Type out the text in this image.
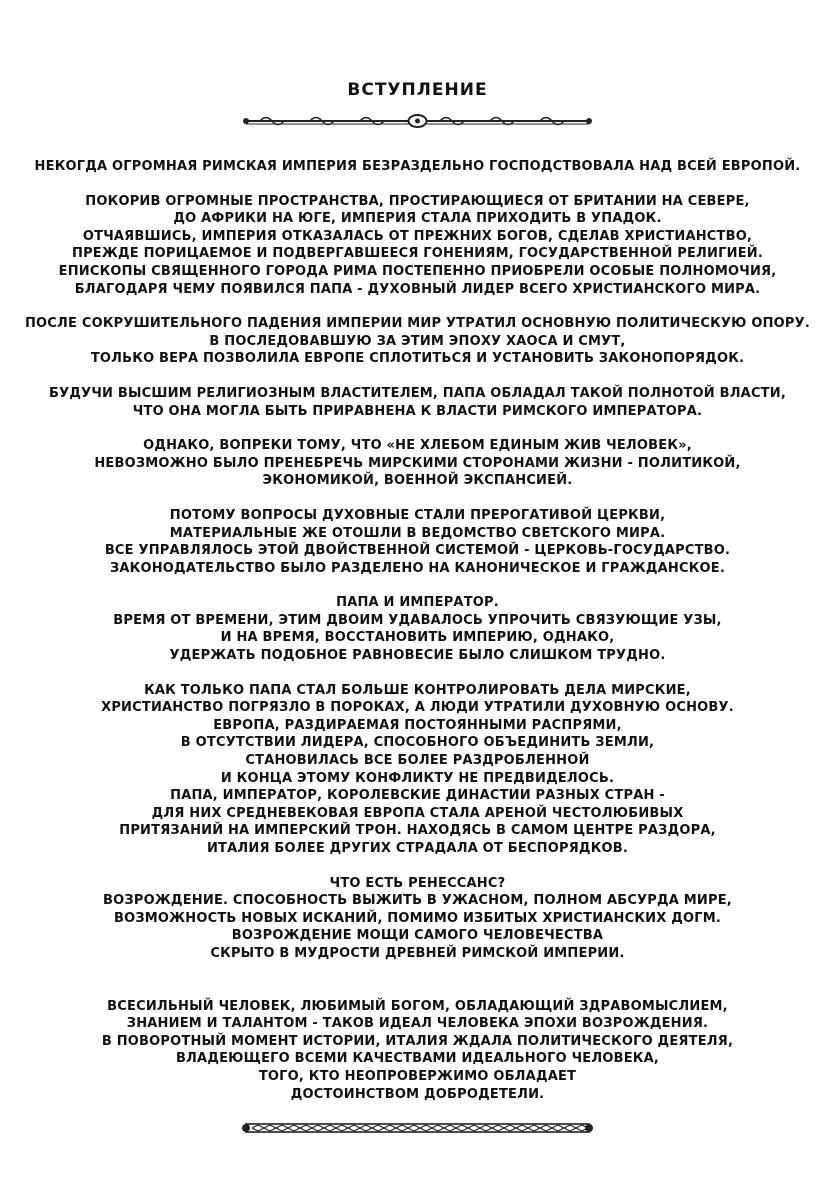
ВСТУПЛЕНИЕ
НЕКОГДА ОГРОМНАЯ РИМСКАЯ ИМПЕРИЯ БЕЗРАЗДЕЛЬНО ГОСПОДСТВОВАЛА НАД ВСЕЙ ЕВРОПОЙ.
ПОКОРИВ ОГРОМНЫЕ ПРОСТРАНСТВА, ПРОСТИРАЮЩИЕСЯ ОТ БРИТАНИИ НА СЕВЕРЕ,
ДО АФРИКИ НА ЮГЕ, ИМПЕРИЯ СТАЛА ПРИХОДИТЬ В УПАДОК.
ОТЧАЯВШИСЬ, ИМПЕРИЯ ОТКАЗАЛАСЬ ОТ ПРЕЖНИХ БОГОВ, СДЕЛАВ ХРИСТИАНСТВО,
ПРЕЖДЕ ПОРИЦАЕМОЕ И ПОДВЕРГАВШЕЕСЯ ГОНЕНИЯМ, ГОСУДАРСТВЕННОЙ РЕЛИГИЕЙ.
ЕПИСКОПЫ СВЯЩЕННОГО ГОРОДА РИМА ПОСТЕПЕННО ПРИОБРЕЛИ ОСОБЫЕ ПОЛНОМОЧИЯ,
БЛАГОДАРЯ ЧЕМУ ПОЯВИЛСЯ ПАПА - ДУХОВНЫЙ ЛИДЕР ВСЕГО ХРИСТИАНСКОГО МИРА.
ПОСЛЕ СОКРУШИТЕЛЬНОГО ПАДЕНИЯ ИМПЕРИИ МИР УТРАТИЛ ОСНОВНУЮ ПОЛИТИЧЕСКУЮ ОПОРУ.
В ПОСЛЕДОВАВШУЮ ЗА ЭТИМ ЭПОХУ ХАОСА И СМУТ,
ТОЛЬКО ВЕРА ПОЗВОЛИЛА ЕВРОПЕ СПЛОТИТЬСЯ И УСТАНОВИТЬ ЗАКОНОПОРЯДОК.
БУДУЧИ ВЫСШИМ РЕЛИГИОЗНЫМ ВЛАСТИТЕЛЕМ, ПАПА ОБЛАДАЛ ТАКОЙ ПОЛНОТОЙ ВЛАСТИ,
ЧТО ОНА МОГЛА БЫТЬ ПРИРАВНЕНА К ВЛАСТИ РИМСКОГО ИМПЕРАТОРА.
ОДНАКО, ВОПРЕКИ ТОМУ, ЧТО «НЕ ХЛЕБОМ ЕДИНЫМ ЖИВ ЧЕЛОВЕК»,
НЕВОЗМОЖНО БЫЛО ПРЕНЕБРЕЧЬ МИРСКИМИ СТОРОНАМИ ЖИЗНИ - ПОЛИТИКОЙ,
ЭКОНОМИКОЙ, ВОЕННОЙ ЭКСПАНСИЕЙ.
ПОТОМУ ВОПРОСЫ ДУХОВНЫЕ СТАЛИ ПРЕРОГАТИВОЙ ЦЕРКВИ,
МАТЕРИАЛЬНЫЕ ЖЕ ОТОШЛИ В ВЕДОМСТВО СВЕТСКОГО МИРА.
ВСЕ УПРАВЛЯЛОСЬ ЭТОЙ ДВОЙСТВЕННОЙ СИСТЕМОЙ - ЦЕРКОВЬ-ГОСУДАРСТВО.
ЗАКОНОДАТЕЛЬСТВО БЫЛО РАЗДЕЛЕНО НА КАНОНИЧЕСКОЕ И ГРАЖДАНСКОЕ.
ПАПА И ИМПЕРАТОР.
ВРЕМЯ ОТ ВРЕМЕНИ, ЭТИМ ДВОИМ УДАВАЛОСЬ УПРОЧИТЬ СВЯЗУЮЩИЕ УЗЫ,
И НА ВРЕМЯ, ВОССТАНОВИТЬ ИМПЕРИЮ, ОДНАКО,
УДЕРЖАТЬ ПОДОБНОЕ РАВНОВЕСИЕ БЫЛО СЛИШКОМ ТРУДНО.
КАК ТОЛЬКО ПАПА СТАЛ БОЛЬШЕ КОНТРОЛИРОВАТЬ ДЕЛА МИРСКИЕ,
ХРИСТИАНСТВО ПОГРЯЗЛО В ПОРОКАХ, А ЛЮДИ УТРАТИЛИ ДУХОВНУЮ ОСНОВУ.
ЕВРОПА, РАЗДИРАЕМАЯ ПОСТОЯННЫМИ РАСПРЯМИ,
В ОТСУТСТВИИ ЛИДЕРА, СПОСОБНОГО ОБЪЕДИНИТЬ ЗЕМЛИ,
СТАНОВИЛАСЬ ВСЕ БОЛЕЕ РАЗДРОБЛЕННОЙ
И КОНЦА ЭТОМУ КОНФЛИКТУ НЕ ПРЕДВИДЕЛОСЬ.
ПАПА, ИМПЕРАТОР, КОРОЛЕВСКИЕ ДИНАСТИИ РАЗНЫХ СТРАН -
ДЛЯ НИХ СРЕДНЕВЕКОВАЯ ЕВРОПА СТАЛА АРЕНОЙ ЧЕСТОЛЮБИВЫХ
ПРИТЯЗАНИЙ НА ИМПЕРСКИЙ ТРОН. НАХОДЯСЬ В САМОМ ЦЕНТРЕ РАЗДОРА,
ИТАЛИЯ БОЛЕЕ ДРУГИХ СТРАДАЛА ОТ БЕСПОРЯДКОВ.
ЧТО ЕСТЬ РЕНЕССАНС?
ВОЗРОЖДЕНИЕ. СПОСОБНОСТЬ ВЫЖИТЬ В УЖАСНОМ, ПОЛНОМ АБСУРДА МИРЕ,
ВОЗМОЖНОСТЬ НОВЫХ ИСКАНИЙ, ПОМИМО ИЗБИТЫХ ХРИСТИАНСКИХ ДОГМ.
ВОЗРОЖДЕНИЕ МОЩИ САМОГО ЧЕЛОВЕЧЕСТВА
СКРЫТО В МУДРОСТИ ДРЕВНЕЙ РИМСКОЙ ИМПЕРИИ.
ВСЕСИЛЬНЫЙ ЧЕЛОВЕК, ЛЮБИМЫЙ БОГОМ, ОБЛАДАЮЩИЙ ЗДРАВОМЫСЛИЕМ,
ЗНАНИЕМ И ТАЛАНТОМ - ТАКОВ ИДЕАЛ ЧЕЛОВЕКА ЭПОХИ ВОЗРОЖДЕНИЯ.
В ПОВОРОТНЫЙ МОМЕНТ ИСТОРИИ, ИТАЛИЯ ЖДАЛА ПОЛИТИЧЕСКОГО ДЕЯТЕЛЯ,
ВЛАДЕЮЩЕГО ВСЕМИ КАЧЕСТВАМИ ИДЕАЛЬНОГО ЧЕЛОВЕКА,
ТОГО, КТО НЕОПРОВЕРЖИМО ОБЛАДАЕТ
ДОСТОИНСТВОМ ДОБРОДЕТЕЛИ.
